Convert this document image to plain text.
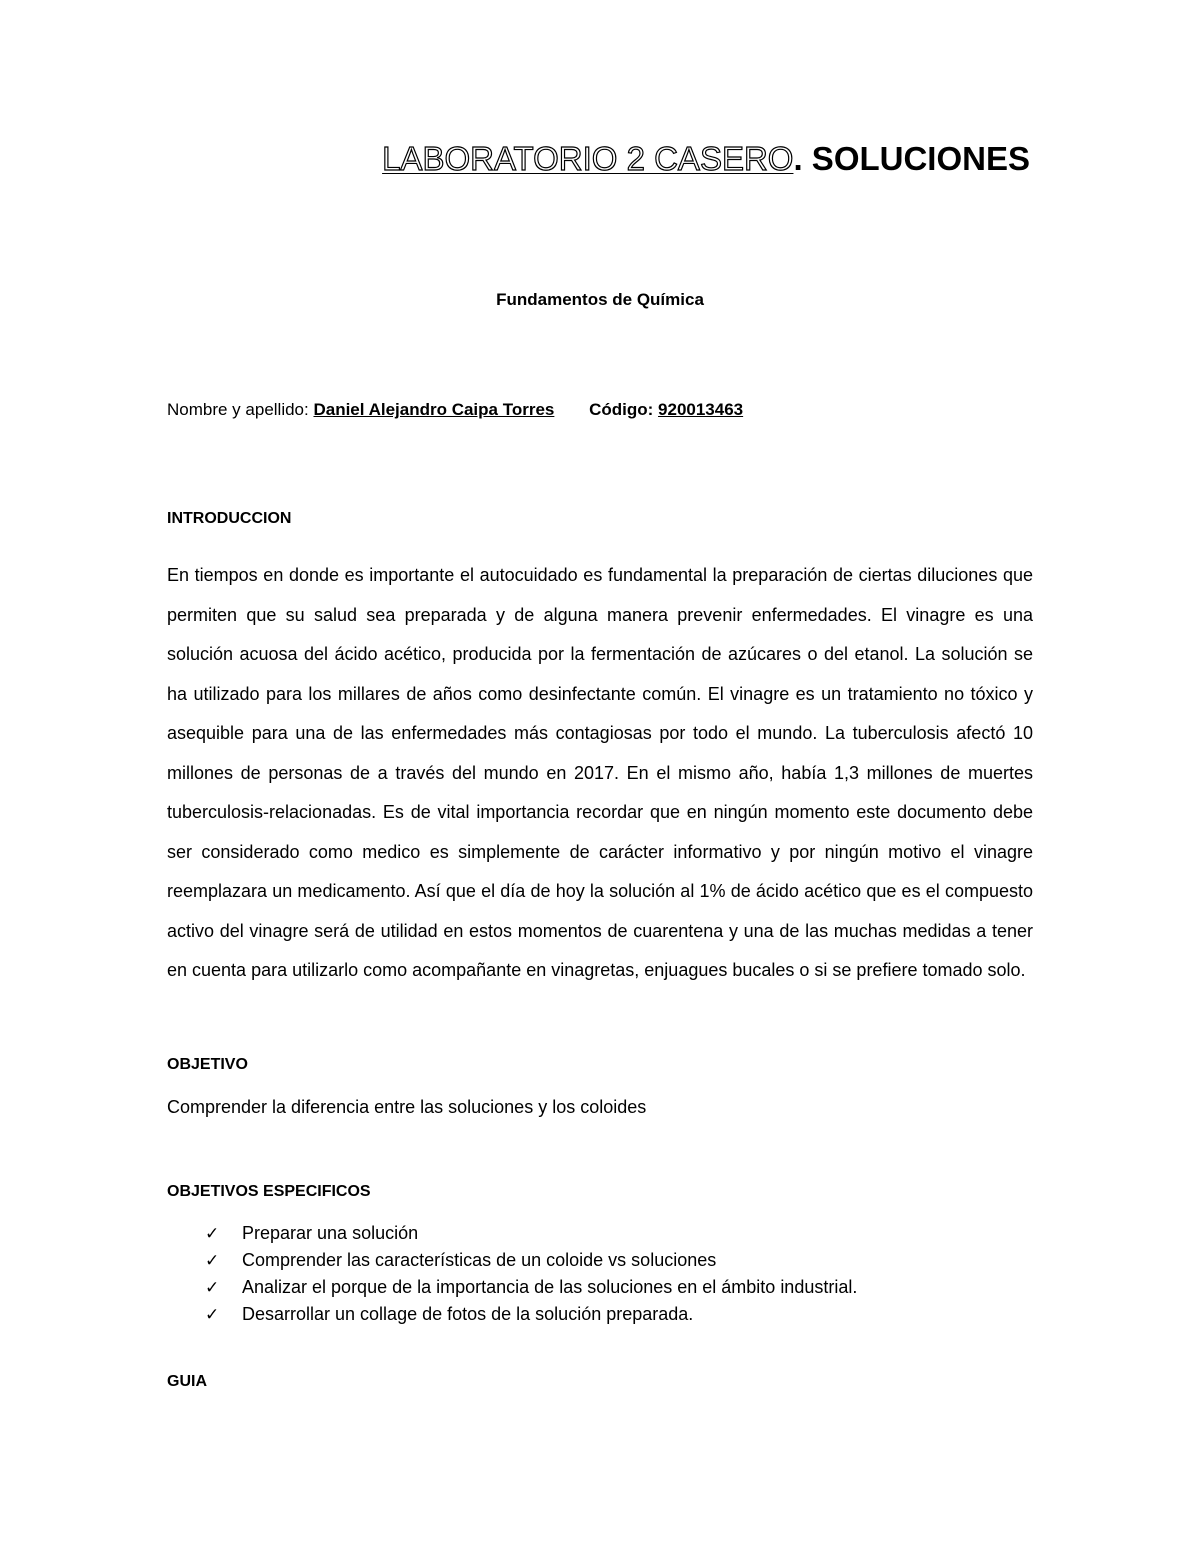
LABORATORIO 2 CASERO. SOLUCIONES
Fundamentos de Química
Nombre y apellido: Daniel Alejandro Caipa Torres Código: 920013463
INTRODUCCION

En tiempos en donde es importante el autocuidado es fundamental la preparación de ciertas diluciones que permiten que su salud sea preparada y de alguna manera prevenir enfermedades. El vinagre es una solución acuosa del ácido acético, producida por la fermentación de azúcares o del etanol. La solución se ha utilizado para los millares de años como desinfectante común. El vinagre es un tratamiento no tóxico y asequible para una de las enfermedades más contagiosas por todo el mundo. La tuberculosis afectó 10 millones de personas de a través del mundo en 2017. En el mismo año, había 1,3 millones de muertes tuberculosis-relacionadas. Es de vital importancia recordar que en ningún momento este documento debe ser considerado como medico es simplemente de carácter informativo y por ningún motivo el vinagre reemplazara un medicamento. Así que el día de hoy la solución al 1% de ácido acético que es el compuesto activo del vinagre será de utilidad en estos momentos de cuarentena y una de las muchas medidas a tener en cuenta para utilizarlo como acompañante en vinagretas, enjuagues bucales o si se prefiere tomado solo.

OBJETIVO
Comprender la diferencia entre las soluciones y los coloides
OBJETIVOS ESPECIFICOS
✓	Preparar una solución
✓	Comprender las características de un coloide vs soluciones
✓	Analizar el porque de la importancia de las soluciones en el ámbito industrial.
✓	Desarrollar un collage de fotos de la solución preparada.
GUIA
